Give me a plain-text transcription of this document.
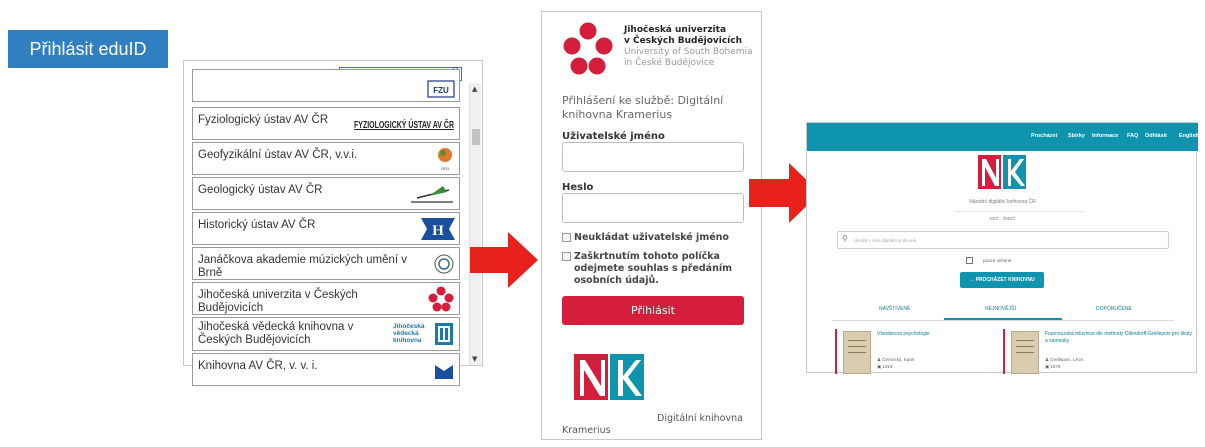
Přihlásit eduID
FZU
Fyziologický ústav AV ČR	FYZIOLOGICKÝ ÚSTAV AV ČR
Geofyzikální ústav AV ČR, v.v.i.
GFÚ
Geologický ústav AV ČR
Historický ústav AV ČR	H
Janáčkova akademie múzických umění v Brně
Jihočeská univerzita v Českých Budějovicích
Jihočeská vědecká knihovna v Českých Budějovicích
Jihočeská vědecká knihovna
Knihovna AV ČR, v. v. i.
▲
▼
Jihočeská univerzita
v Českých Budějovicích
University of South Bohemia
in České Budějovice
Přihlášení ke službě: Digitální knihovna Kramerius
Uživatelské jméno
Heslo
Neukládat uživatelské jméno
Zaškrtnutím tohoto políčka odejmete souhlas s předáním osobních údajů.
Přihlásit
Digitální knihovna
Kramerius
Procházet Sbírky Informace FAQ Odhlásit English
Národní digitální knihovna ČR
NKČ · ČNKČ
⚲ Hledat v celé digitální knihovně
pouze veřejné
→ PROCHÁZET KNIHOVNU
NAVŠTÍVENÉ	NEJNOVĚJŠÍ	DOPORUČENÉ
Všeobecná psychologie
♟ Černocký, Karel
▣ 1919
Francouzská mluvnice dle methody Ollendorff-Grellepois pro školy a samouky
♟ Grellepois, Léon
▣ 1878
